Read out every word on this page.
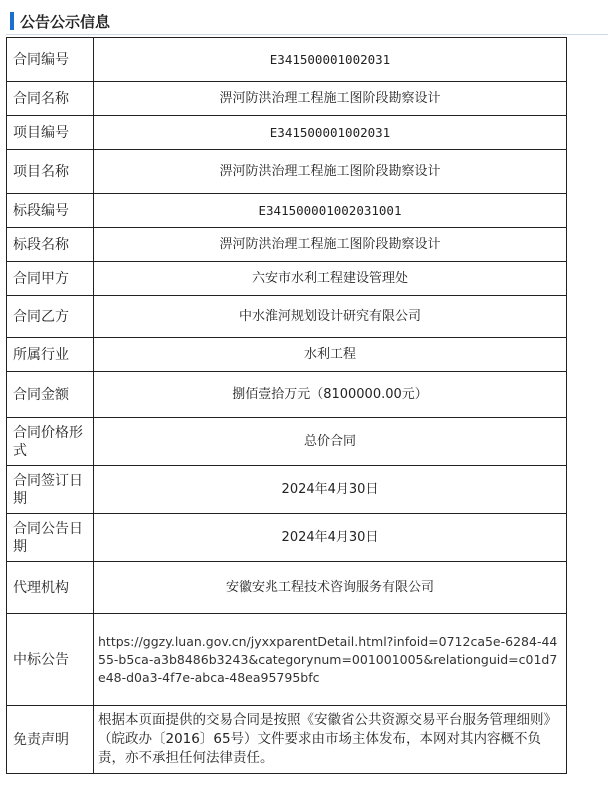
公告公示信息
合同编号	E341500001002031
合同名称	淠河防洪治理工程施工图阶段勘察设计
项目编号	E341500001002031
项目名称	淠河防洪治理工程施工图阶段勘察设计
标段编号	E341500001002031001
标段名称	淠河防洪治理工程施工图阶段勘察设计
合同甲方	六安市水利工程建设管理处
合同乙方	中水淮河规划设计研究有限公司
所属行业	水利工程
合同金额	捌佰壹拾万元（8100000.00元）
合同价格形式	总价合同
合同签订日期	2024年4月30日
合同公告日期	2024年4月30日
代理机构	安徽安兆工程技术咨询服务有限公司
中标公告	https://ggzy.luan.gov.cn/jyxxparentDetail.html?infoid=0712ca5e-6284-4455-b5ca-a3b8486b3243&categorynum=001001005&relationguid=c01d7e48-d0a3-4f7e-abca-48ea95795bfc
免责声明	根据本页面提供的交易合同是按照《安徽省公共资源交易平台服务管理细则》（皖政办〔2016〕65号）文件要求由市场主体发布，本网对其内容概不负责，亦不承担任何法律责任。
